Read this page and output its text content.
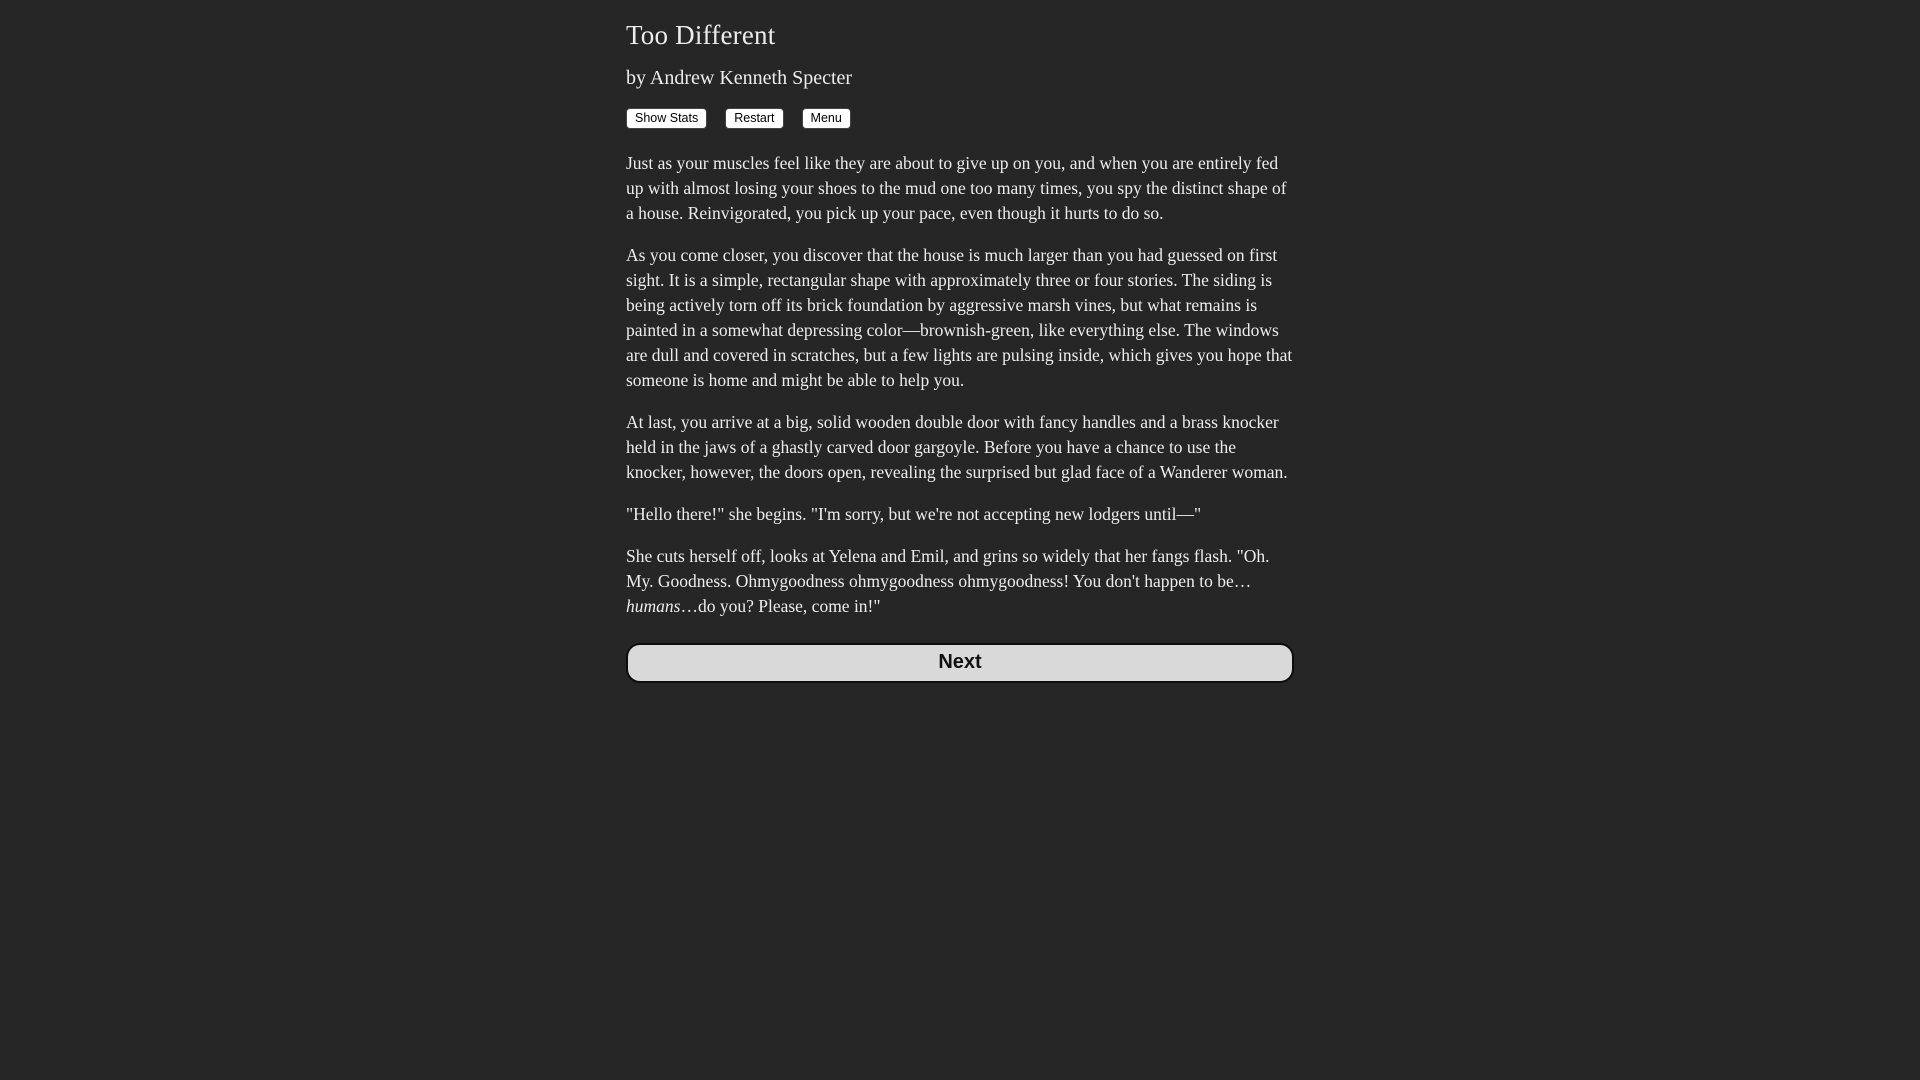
Too Different
by Andrew Kenneth Specter
Show Stats	Restart	Menu

Just as your muscles feel like they are about to give up on you, and when you are entirely fed up with almost losing your shoes to the mud one too many times, you spy the distinct shape of a house. Reinvigorated, you pick up your pace, even though it hurts to do so.

As you come closer, you discover that the house is much larger than you had guessed on first sight. It is a simple, rectangular shape with approximately three or four stories. The siding is being actively torn off its brick foundation by aggressive marsh vines, but what remains is painted in a somewhat depressing color—brownish-green, like everything else. The windows are dull and covered in scratches, but a few lights are pulsing inside, which gives you hope that someone is home and might be able to help you.

At last, you arrive at a big, solid wooden double door with fancy handles and a brass knocker held in the jaws of a ghastly carved door gargoyle. Before you have a chance to use the knocker, however, the doors open, revealing the surprised but glad face of a Wanderer woman.

"Hello there!" she begins. "I'm sorry, but we're not accepting new lodgers until—"

She cuts herself off, looks at Yelena and Emil, and grins so widely that her fangs flash. "Oh. My. Goodness. Ohmygoodness ohmygoodness ohmygoodness! You don't happen to be…humans…do you? Please, come in!"

Next
